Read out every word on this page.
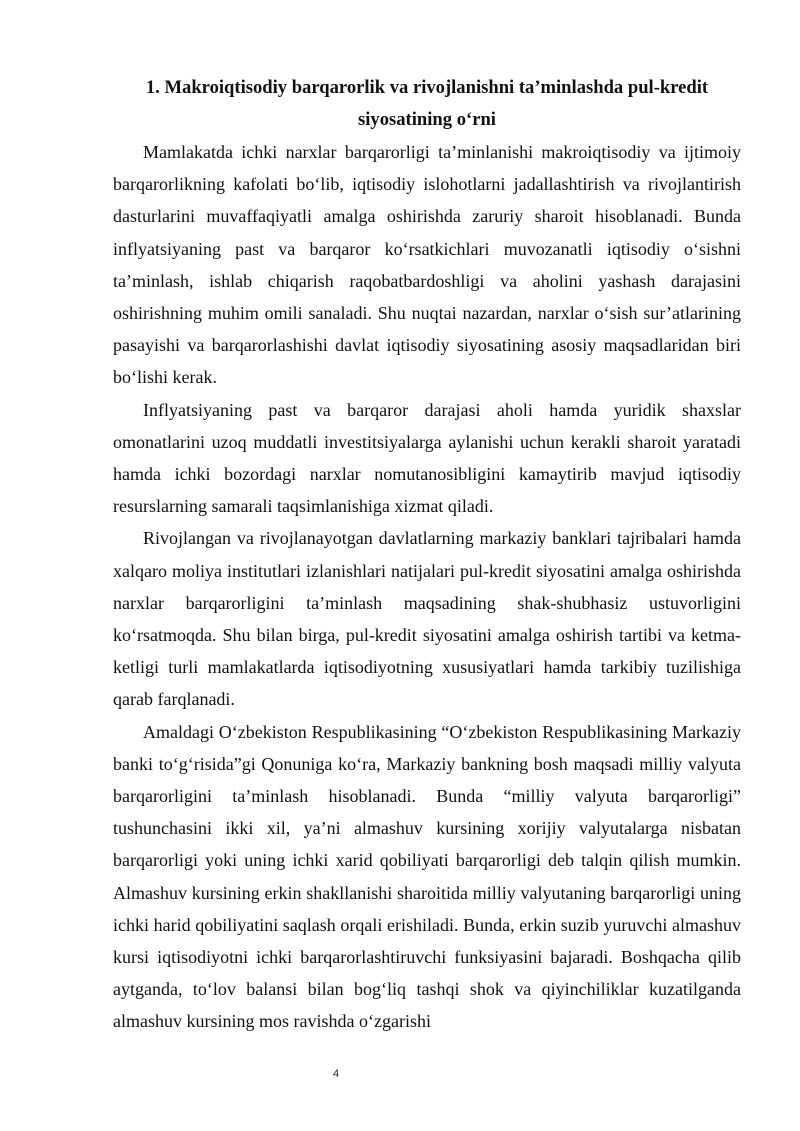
1. Makroiqtisodiy barqarorlik va rivojlanishni ta’minlashda pul-kredit
siyosatining o‘rni

Mamlakatda ichki narxlar barqarorligi ta’minlanishi makroiqtisodiy va ijtimoiy barqarorlikning kafolati bo‘lib, iqtisodiy islohotlarni jadallashtirish va rivojlantirish dasturlarini muvaffaqiyatli amalga oshirishda zaruriy sharoit hisoblanadi. Bunda inflyatsiyaning past va barqaror ko‘rsatkichlari muvozanatli iqtisodiy o‘sishni ta’minlash, ishlab chiqarish raqobatbardoshligi va aholini yashash darajasini oshirishning muhim omili sanaladi. Shu nuqtai nazardan, narxlar o‘sish sur’atlarining pasayishi va barqarorlashishi davlat iqtisodiy siyosatining asosiy maqsadlaridan biri bo‘lishi kerak.

Inflyatsiyaning past va barqaror darajasi aholi hamda yuridik shaxslar omonatlarini uzoq muddatli investitsiyalarga aylanishi uchun kerakli sharoit yaratadi hamda ichki bozordagi narxlar nomutanosibligini kamaytirib mavjud iqtisodiy resurslarning samarali taqsimlanishiga xizmat qiladi.

Rivojlangan va rivojlanayotgan davlatlarning markaziy banklari tajribalari hamda xalqaro moliya institutlari izlanishlari natijalari pul-kredit siyosatini amalga oshirishda narxlar barqarorligini ta’minlash maqsadining shak-shubhasiz ustuvorligini ko‘rsatmoqda. Shu bilan birga, pul-kredit siyosatini amalga oshirish tartibi va ketma-ketligi turli mamlakatlarda iqtisodiyotning xususiyatlari hamda tarkibiy tuzilishiga qarab farqlanadi.

Amaldagi O‘zbekiston Respublikasining “O‘zbekiston Respublikasining Markaziy banki to‘g‘risida”gi Qonuniga ko‘ra, Markaziy bankning bosh maqsadi milliy valyuta barqarorligini ta’minlash hisoblanadi. Bunda “milliy valyuta barqarorligi” tushunchasini ikki xil, ya’ni almashuv kursining xorijiy valyutalarga nisbatan barqarorligi yoki uning ichki xarid qobiliyati barqarorligi deb talqin qilish mumkin. Almashuv kursining erkin shakllanishi sharoitida milliy valyutaning barqarorligi uning ichki harid qobiliyatini saqlash orqali erishiladi. Bunda, erkin suzib yuruvchi almashuv kursi iqtisodiyotni ichki barqarorlashtiruvchi funksiyasini bajaradi. Boshqacha qilib aytganda, to‘lov balansi bilan bog‘liq tashqi shok va qiyinchiliklar kuzatilganda almashuv kursining mos ravishda o‘zgarishi

4
